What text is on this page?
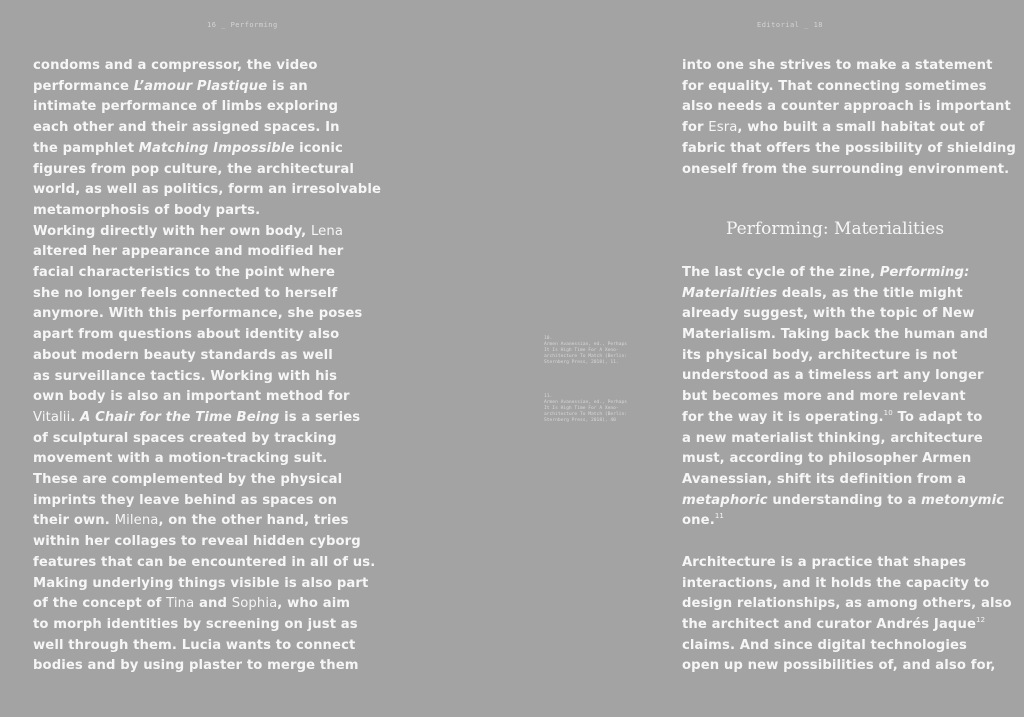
16 _ Performing	Editorial _ 18
condoms and a compressor, the video
performance L’amour Plastique is an
intimate performance of limbs exploring
each other and their assigned spaces. In
the pamphlet Matching Impossible iconic
figures from pop culture, the architectural
world, as well as politics, form an irresolvable
metamorphosis of body parts.
Working directly with her own body, Lena
altered her appearance and modified her
facial characteristics to the point where
she no longer feels connected to herself
anymore. With this performance, she poses
apart from questions about identity also
about modern beauty standards as well
as surveillance tactics. Working with his
own body is also an important method for
Vitalii. A Chair for the Time Being is a series
of sculptural spaces created by tracking
movement with a motion-tracking suit.
These are complemented by the physical
imprints they leave behind as spaces on
their own. Milena, on the other hand, tries
within her collages to reveal hidden cyborg
features that can be encountered in all of us.
Making underlying things visible is also part
of the concept of Tina and Sophia, who aim
to morph identities by screening on just as
well through them. Lucia wants to connect
bodies and by using plaster to merge them
10.
Armen Avanessian, ed., Perhaps
It Is High Time For A Xeno-
architecture To Match (Berlin:
Sternberg Press, 2018), 11.
11.
Armen Avanessian, ed., Perhaps
It Is High Time For A Xeno-
architecture To Match (Berlin:
Sternberg Press, 2018), 40
into one she strives to make a statement
for equality. That connecting sometimes
also needs a counter approach is important
for Esra, who built a small habitat out of
fabric that offers the possibility of shielding
oneself from the surrounding environment.
The last cycle of the zine, Performing:
Materialities deals, as the title might
already suggest, with the topic of New
Materialism. Taking back the human and
its physical body, architecture is not
understood as a timeless art any longer
but becomes more and more relevant
for the way it is operating.$^{10}$ To adapt to
a new materialist thinking, architecture
must, according to philosopher Armen
Avanessian, shift its definition from a
metaphoric understanding to a metonymic
one.$^{11}$
Architecture is a practice that shapes
interactions, and it holds the capacity to
design relationships, as among others, also
the architect and curator Andrés Jaque$^{12}$
claims. And since digital technologies
open up new possibilities of, and also for,
Performing: Materialities
